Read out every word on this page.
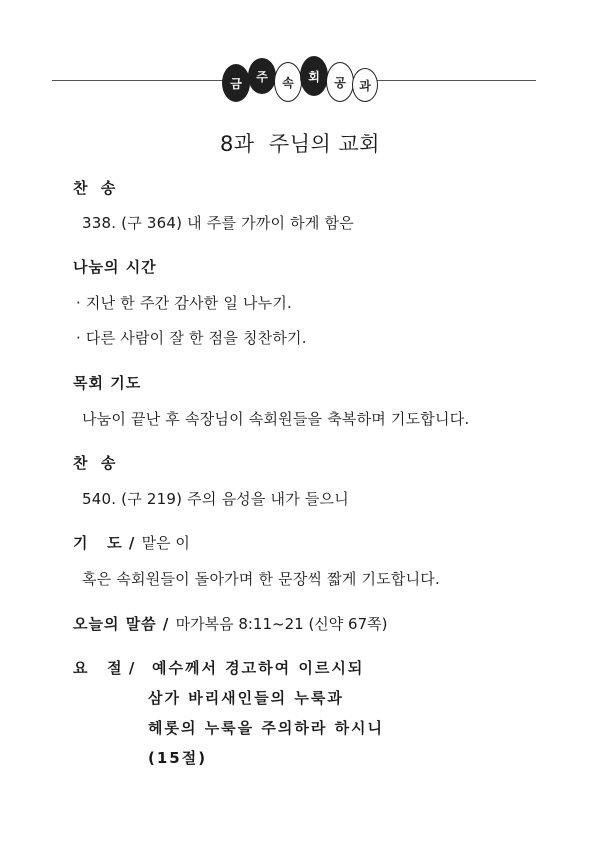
금	주	속	회	공	과
8과  주님의 교회
찬  송
338. (구 364) 내 주를 가까이 하게 함은
나눔의 시간
· 지난 한 주간 감사한 일 나누기.
· 다른 사람이 잘 한 점을 칭찬하기.
목회 기도
나눔이 끝난 후 속장님이 속회원들을 축복하며 기도합니다.
찬  송
540. (구 219) 주의 음성을 내가 들으니
기   도 / 맡은 이
혹은 속회원들이 돌아가며 한 문장씩 짧게 기도합니다.
오늘의 말씀 / 마가복음 8:11~21 (신약 67쪽)
요   절 / 예수께서 경고하여 이르시되
삼가 바리새인들의 누룩과
헤롯의 누룩을 주의하라 하시니
(15절)
